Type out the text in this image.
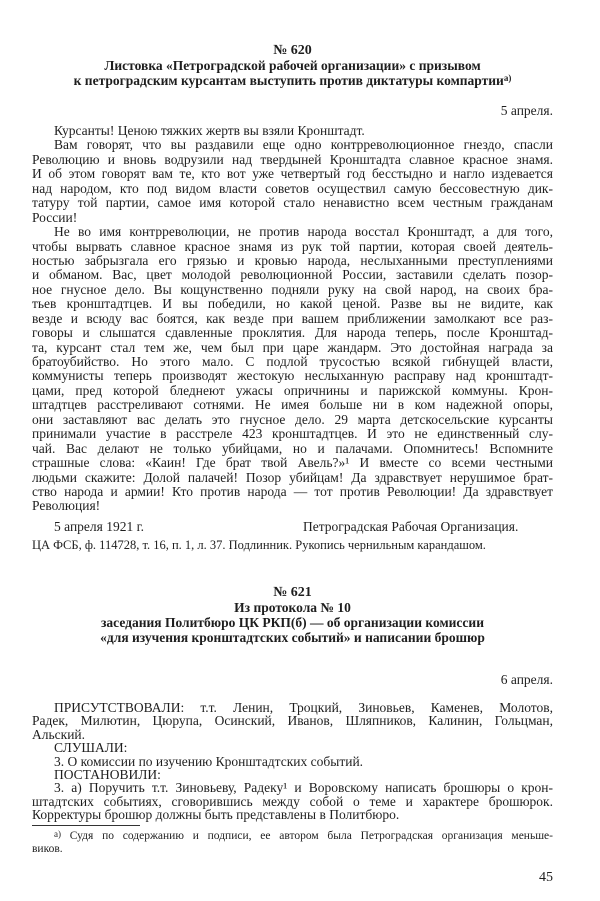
№ 620
Листовка «Петроградской рабочей организации» с призывом
к петроградским курсантам выступить против диктатуры компартии$^{а)}$
5 апреля.
Курсанты! Ценою тяжких жертв вы взяли Кронштадт.
Вам говорят, что вы раздавили еще одно контрреволюционное гнездо, спасли
Революцию и вновь водрузили над твердыней Кронштадта славное красное знамя.
И об этом говорят вам те, кто вот уже четвертый год бесстыдно и нагло издевается
над народом, кто под видом власти советов осуществил самую бессовестную дик-
татуру той партии, самое имя которой стало ненавистно всем честным гражданам
России!
Не во имя контрреволюции, не против народа восстал Кронштадт, а для того,
чтобы вырвать славное красное знамя из рук той партии, которая своей деятель-
ностью забрызгала его грязью и кровью народа, неслыханными преступлениями
и обманом. Вас, цвет молодой революционной России, заставили сделать позор-
ное гнусное дело. Вы кощунственно подняли руку на свой народ, на своих бра-
тьев кронштадтцев. И вы победили, но какой ценой. Разве вы не видите, как
везде и всюду вас боятся, как везде при вашем приближении замолкают все раз-
говоры и слышатся сдавленные проклятия. Для народа теперь, после Кронштад-
та, курсант стал тем же, чем был при царе жандарм. Это достойная награда за
братоубийство. Но этого мало. С подлой трусостью всякой гибнущей власти,
коммунисты теперь производят жестокую неслыханную расправу над кронштадт-
цами, пред которой бледнеют ужасы опричнины и парижской коммуны. Крон-
штадтцев расстреливают сотнями. Не имея больше ни в ком надежной опоры,
они заставляют вас делать это гнусное дело. 29 марта детскосельские курсанты
принимали участие в расстреле 423 кронштадтцев. И это не единственный слу-
чай. Вас делают не только убийцами, но и палачами. Опомнитесь! Вспомните
страшные слова: «Каин! Где брат твой Авель?»¹ И вместе со всеми честными
людьми скажите: Долой палачей! Позор убийцам! Да здравствует нерушимое брат-
ство народа и армии! Кто против народа — тот против Революции! Да здравствует
Революция!
5 апреля 1921 г.	Петроградская Рабочая Организация.
ЦА ФСБ, ф. 114728, т. 16, п. 1, л. 37. Подлинник. Рукопись чернильным карандашом.
№ 621
Из протокола № 10
заседания Политбюро ЦК РКП(б) — об организации комиссии
«для изучения кронштадтских событий» и написании брошюр
6 апреля.
ПРИСУТСТВОВАЛИ: т.т. Ленин, Троцкий, Зиновьев, Каменев, Молотов,
Радек, Милютин, Цюрупа, Осинский, Иванов, Шляпников, Калинин, Гольцман,
Альский.
СЛУШАЛИ:
3. О комиссии по изучению Кронштадтских событий.
ПОСТАНОВИЛИ:
3. а) Поручить т.т. Зиновьеву, Радеку¹ и Воровскому написать брошюры о крон-
штадтских событиях, сговорившись между собой о теме и характере брошюрок.
Корректуры брошюр должны быть представлены в Политбюро.
$^{а)}$ Судя по содержанию и подписи, ее автором была Петроградская организация меньше-
виков.
45
